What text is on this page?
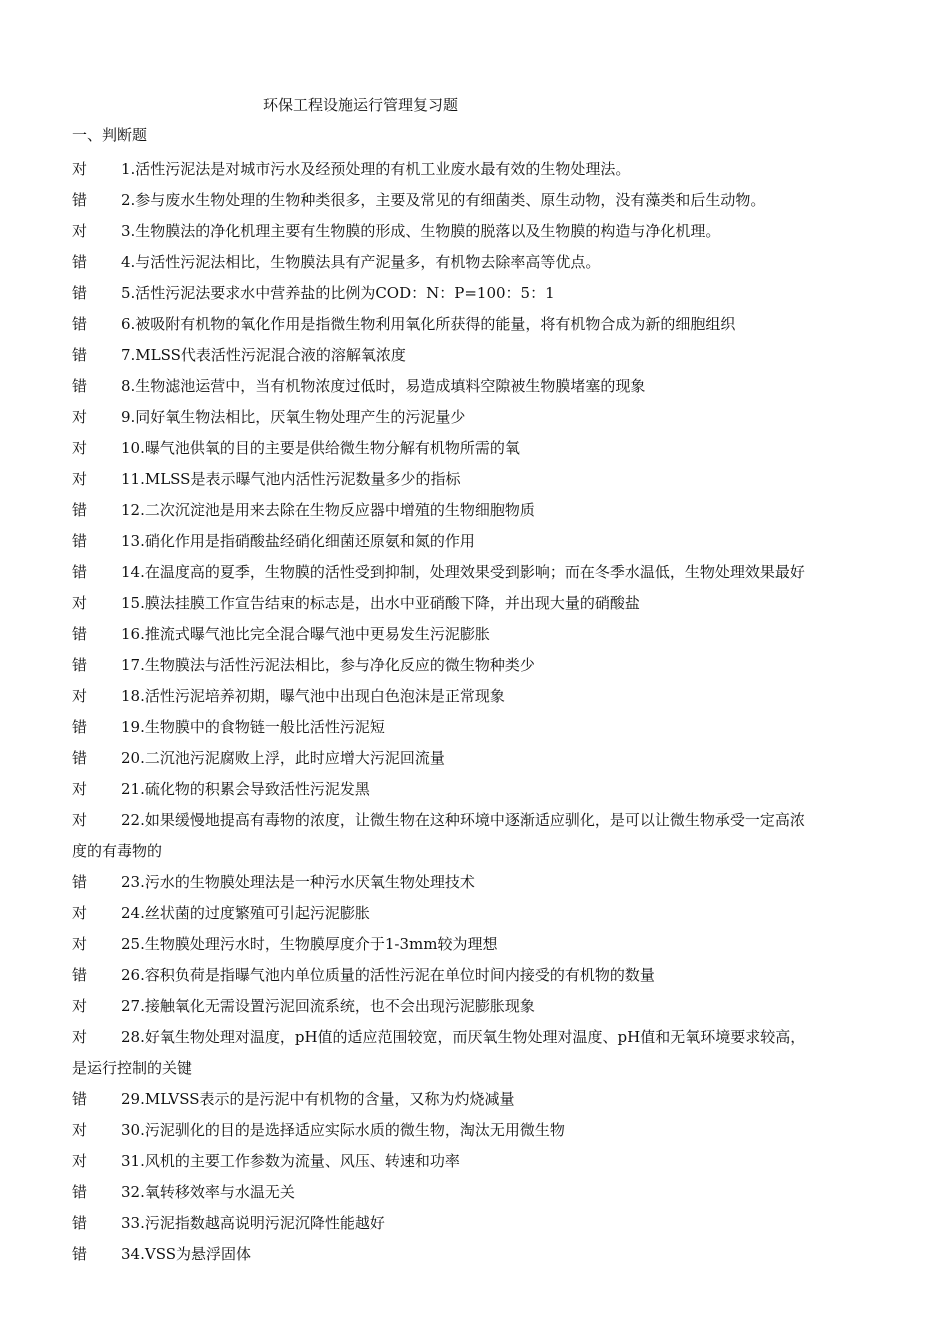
环保工程设施运行管理复习题
一、判断题
对 1.活性污泥法是对城市污水及经预处理的有机工业废水最有效的生物处理法。
错 2.参与废水生物处理的生物种类很多，主要及常见的有细菌类、原生动物，没有藻类和后生动物。
对 3.生物膜法的净化机理主要有生物膜的形成、生物膜的脱落以及生物膜的构造与净化机理。
错 4.与活性污泥法相比，生物膜法具有产泥量多，有机物去除率高等优点。
错 5.活性污泥法要求水中营养盐的比例为COD：N：P=100：5：1
错 6.被吸附有机物的氧化作用是指微生物利用氧化所获得的能量，将有机物合成为新的细胞组织
错 7.MLSS代表活性污泥混合液的溶解氧浓度
错 8.生物滤池运营中，当有机物浓度过低时，易造成填料空隙被生物膜堵塞的现象
对 9.同好氧生物法相比，厌氧生物处理产生的污泥量少
对 10.曝气池供氧的目的主要是供给微生物分解有机物所需的氧
对 11.MLSS是表示曝气池内活性污泥数量多少的指标
错 12.二次沉淀池是用来去除在生物反应器中增殖的生物细胞物质
错 13.硝化作用是指硝酸盐经硝化细菌还原氨和氮的作用
错 14.在温度高的夏季，生物膜的活性受到抑制，处理效果受到影响；而在冬季水温低，生物处理效果最好
对 15.膜法挂膜工作宣告结束的标志是，出水中亚硝酸下降，并出现大量的硝酸盐
错 16.推流式曝气池比完全混合曝气池中更易发生污泥膨胀
错 17.生物膜法与活性污泥法相比，参与净化反应的微生物种类少
对 18.活性污泥培养初期，曝气池中出现白色泡沫是正常现象
错 19.生物膜中的食物链一般比活性污泥短
错 20.二沉池污泥腐败上浮，此时应增大污泥回流量
对 21.硫化物的积累会导致活性污泥发黑
对 22.如果缓慢地提高有毒物的浓度，让微生物在这种环境中逐渐适应驯化，是可以让微生物承受一定高浓
度的有毒物的
错 23.污水的生物膜处理法是一种污水厌氧生物处理技术
对 24.丝状菌的过度繁殖可引起污泥膨胀
对 25.生物膜处理污水时，生物膜厚度介于1-3mm较为理想
错 26.容积负荷是指曝气池内单位质量的活性污泥在单位时间内接受的有机物的数量
对 27.接触氧化无需设置污泥回流系统，也不会出现污泥膨胀现象
对 28.好氧生物处理对温度，pH值的适应范围较宽，而厌氧生物处理对温度、pH值和无氧环境要求较高，
是运行控制的关键
错 29.MLVSS表示的是污泥中有机物的含量，又称为灼烧减量
对 30.污泥驯化的目的是选择适应实际水质的微生物，淘汰无用微生物
对 31.风机的主要工作参数为流量、风压、转速和功率
错 32.氧转移效率与水温无关
错 33.污泥指数越高说明污泥沉降性能越好
错 34.VSS为悬浮固体
